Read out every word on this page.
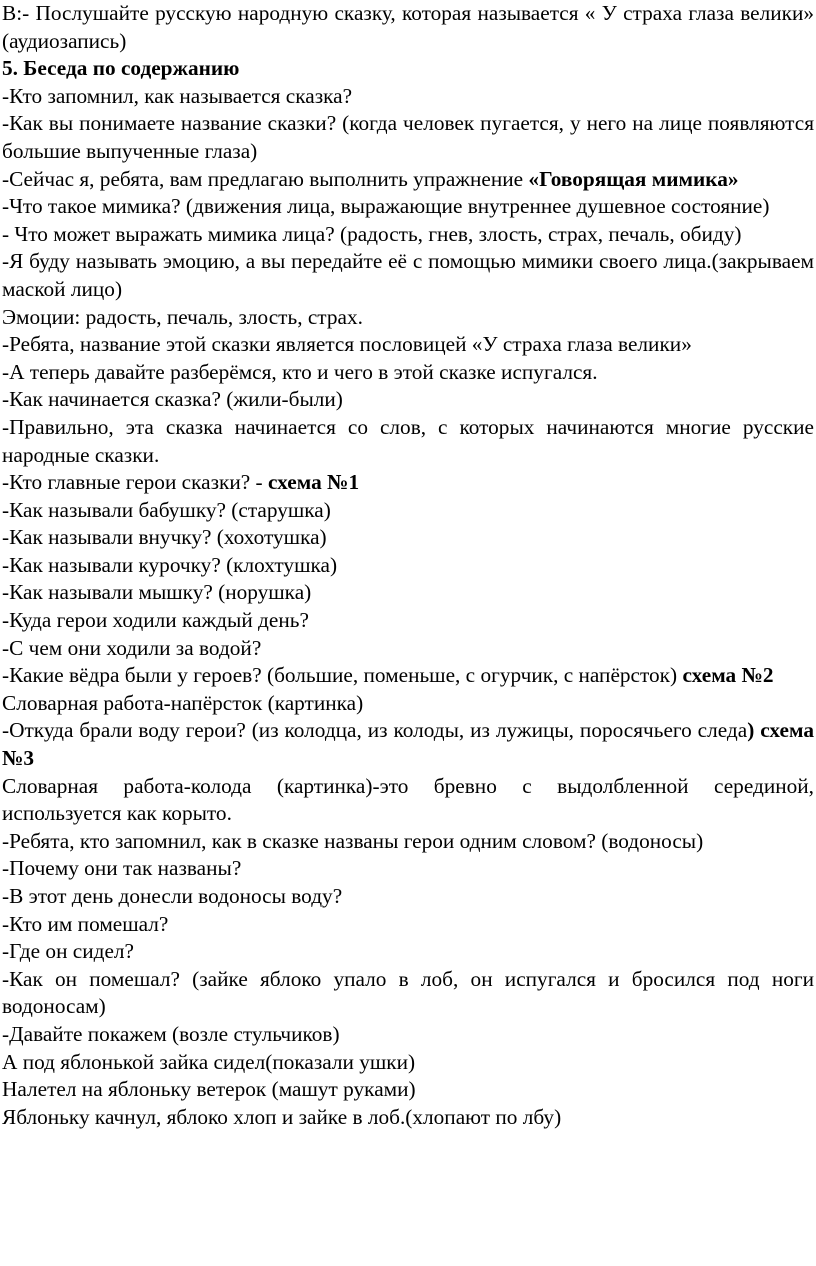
В:- Послушайте русскую народную сказку, которая называется « У страха глаза велики» (аудиозапись)

5. Беседа по содержанию

-Кто запомнил, как называется сказка?

-Как вы понимаете название сказки? (когда человек пугается, у него на лице появляются большие выпученные глаза)

-Сейчас я, ребята, вам предлагаю выполнить упражнение «Говорящая мимика»

-Что такое мимика? (движения лица, выражающие внутреннее душевное состояние)

- Что может выражать мимика лица? (радость, гнев, злость, страх, печаль, обиду)

-Я буду называть эмоцию, а вы передайте её с помощью мимики своего лица.(закрываем маской лицо)

Эмоции: радость, печаль, злость, страх.

-Ребята, название этой сказки является пословицей «У страха глаза велики»

-А теперь давайте разберёмся, кто и чего в этой сказке испугался.

-Как начинается сказка? (жили-были)

-Правильно, эта сказка начинается со слов, с которых начинаются многие русские народные сказки.

-Кто главные герои сказки? - схема №1

-Как называли бабушку? (старушка)

-Как называли внучку? (хохотушка)

-Как называли курочку? (клохтушка)

-Как называли мышку? (норушка)

-Куда герои ходили каждый день?

-С чем они ходили за водой?

-Какие вёдра были у героев? (большие, поменьше, с огурчик, с напёрсток) схема №2

Словарная работа-напёрсток (картинка)

-Откуда брали воду герои? (из колодца, из колоды, из лужицы, поросячьего следа) схема №3

Словарная работа-колода (картинка)-это бревно с выдолбленной серединой, используется как корыто.

-Ребята, кто запомнил, как в сказке названы герои одним словом? (водоносы)

-Почему они так названы?

-В этот день донесли водоносы воду?

-Кто им помешал?

-Где он сидел?

-Как он помешал? (зайке яблоко упало в лоб, он испугался и бросился под ноги водоносам)

-Давайте покажем (возле стульчиков)

А под яблонькой зайка сидел(показали ушки)

Налетел на яблоньку ветерок (машут руками)

Яблоньку качнул, яблоко хлоп и зайке в лоб.(хлопают по лбу)
